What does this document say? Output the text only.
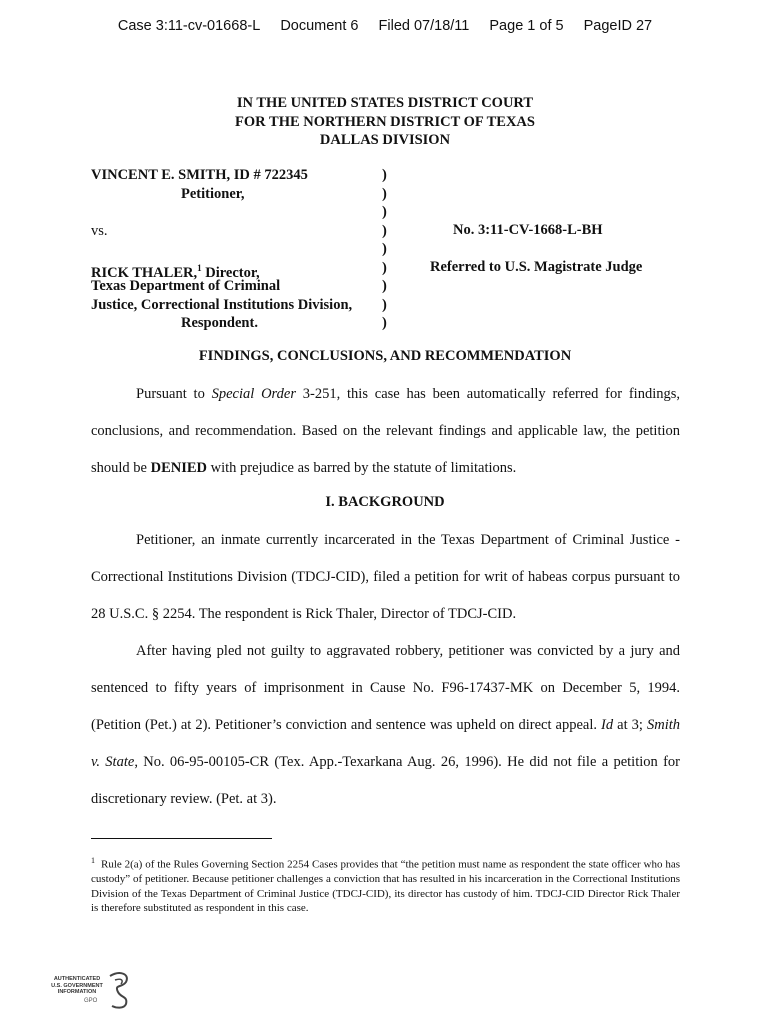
Case 3:11-cv-01668-L Document 6 Filed 07/18/11 Page 1 of 5 PageID 27
IN THE UNITED STATES DISTRICT COURT
FOR THE NORTHERN DISTRICT OF TEXAS
DALLAS DIVISION
VINCENT E. SMITH, ID # 722345
Petitioner,
vs.
RICK THALER,$^1$ Director,
Texas Department of Criminal
Justice, Correctional Institutions Division,
Respondent.
)
)
)
)
)
)
)
)
)
No. 3:11-CV-1668-L-BH
Referred to U.S. Magistrate Judge
FINDINGS, CONCLUSIONS, AND RECOMMENDATION

Pursuant to Special Order 3-251, this case has been automatically referred for findings, conclusions, and recommendation. Based on the relevant findings and applicable law, the petition should be DENIED with prejudice as barred by the statute of limitations.

I. BACKGROUND

Petitioner, an inmate currently incarcerated in the Texas Department of Criminal Justice - Correctional Institutions Division (TDCJ-CID), filed a petition for writ of habeas corpus pursuant to 28 U.S.C. § 2254. The respondent is Rick Thaler, Director of TDCJ-CID.

After having pled not guilty to aggravated robbery, petitioner was convicted by a jury and sentenced to fifty years of imprisonment in Cause No. F96-17437-MK on December 5, 1994. (Petition (Pet.) at 2). Petitioner’s conviction and sentence was upheld on direct appeal. Id at 3; Smith v. State, No. 06-95-00105-CR (Tex. App.-Texarkana Aug. 26, 1996). He did not file a petition for discretionary review. (Pet. at 3).

$^1$ Rule 2(a) of the Rules Governing Section 2254 Cases provides that “the petition must name as respondent the state officer who has custody” of petitioner. Because petitioner challenges a conviction that has resulted in his incarceration in the Correctional Institutions Division of the Texas Department of Criminal Justice (TDCJ-CID), its director has custody of him. TDCJ-CID Director Rick Thaler is therefore substituted as respondent in this case.
AUTHENTICATED
U.S. GOVERNMENT
INFORMATION
GPO
